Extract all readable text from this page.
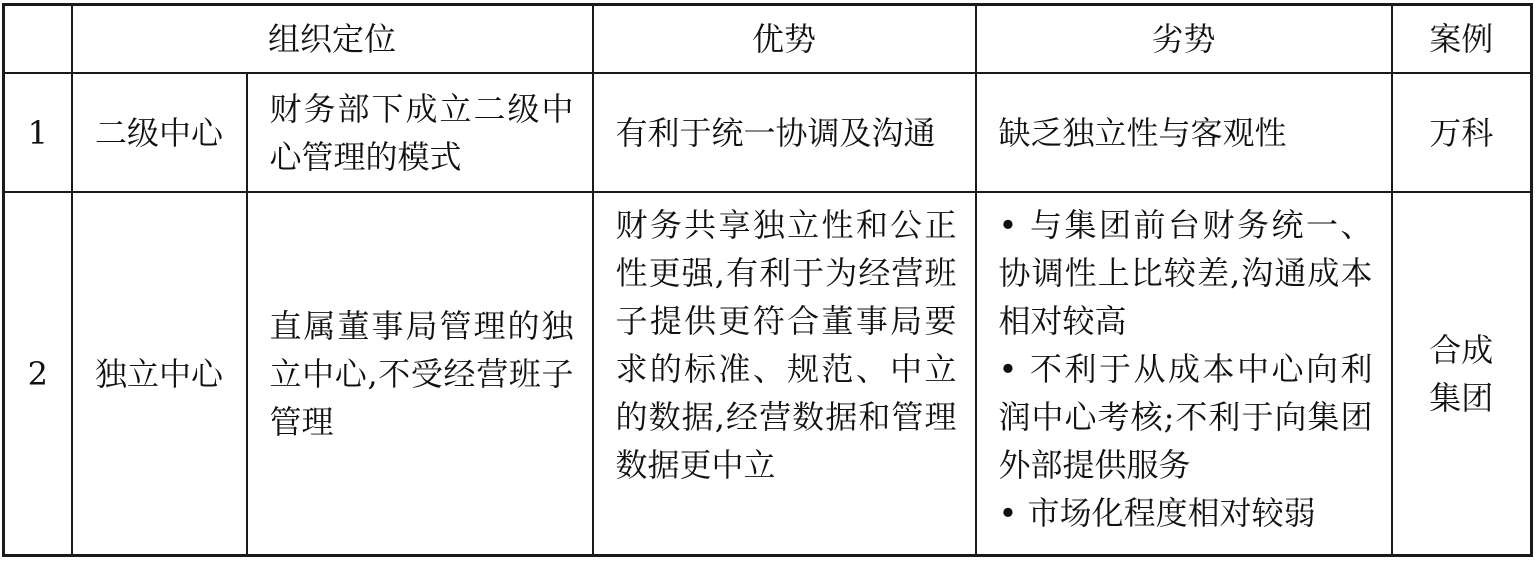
	组织定位		优势	劣势	案例
1	二级中心	财务部下成立二级中心管理的模式	有利于统一协调及沟通	缺乏独立性与客观性	万科
2	独立中心	直属董事局管理的独立中心,不受经营班子管理	财务共享独立性和公正性更强,有利于为经营班子提供更符合董事局要求的标准、规范、中立的数据,经营数据和管理数据更中立	• 与集团前台财务统一、协调性上比较差,沟通成本相对较高
• 不利于从成本中心向利润中心考核;不利于向集团外部提供服务
• 市场化程度相对较弱	合成集团
